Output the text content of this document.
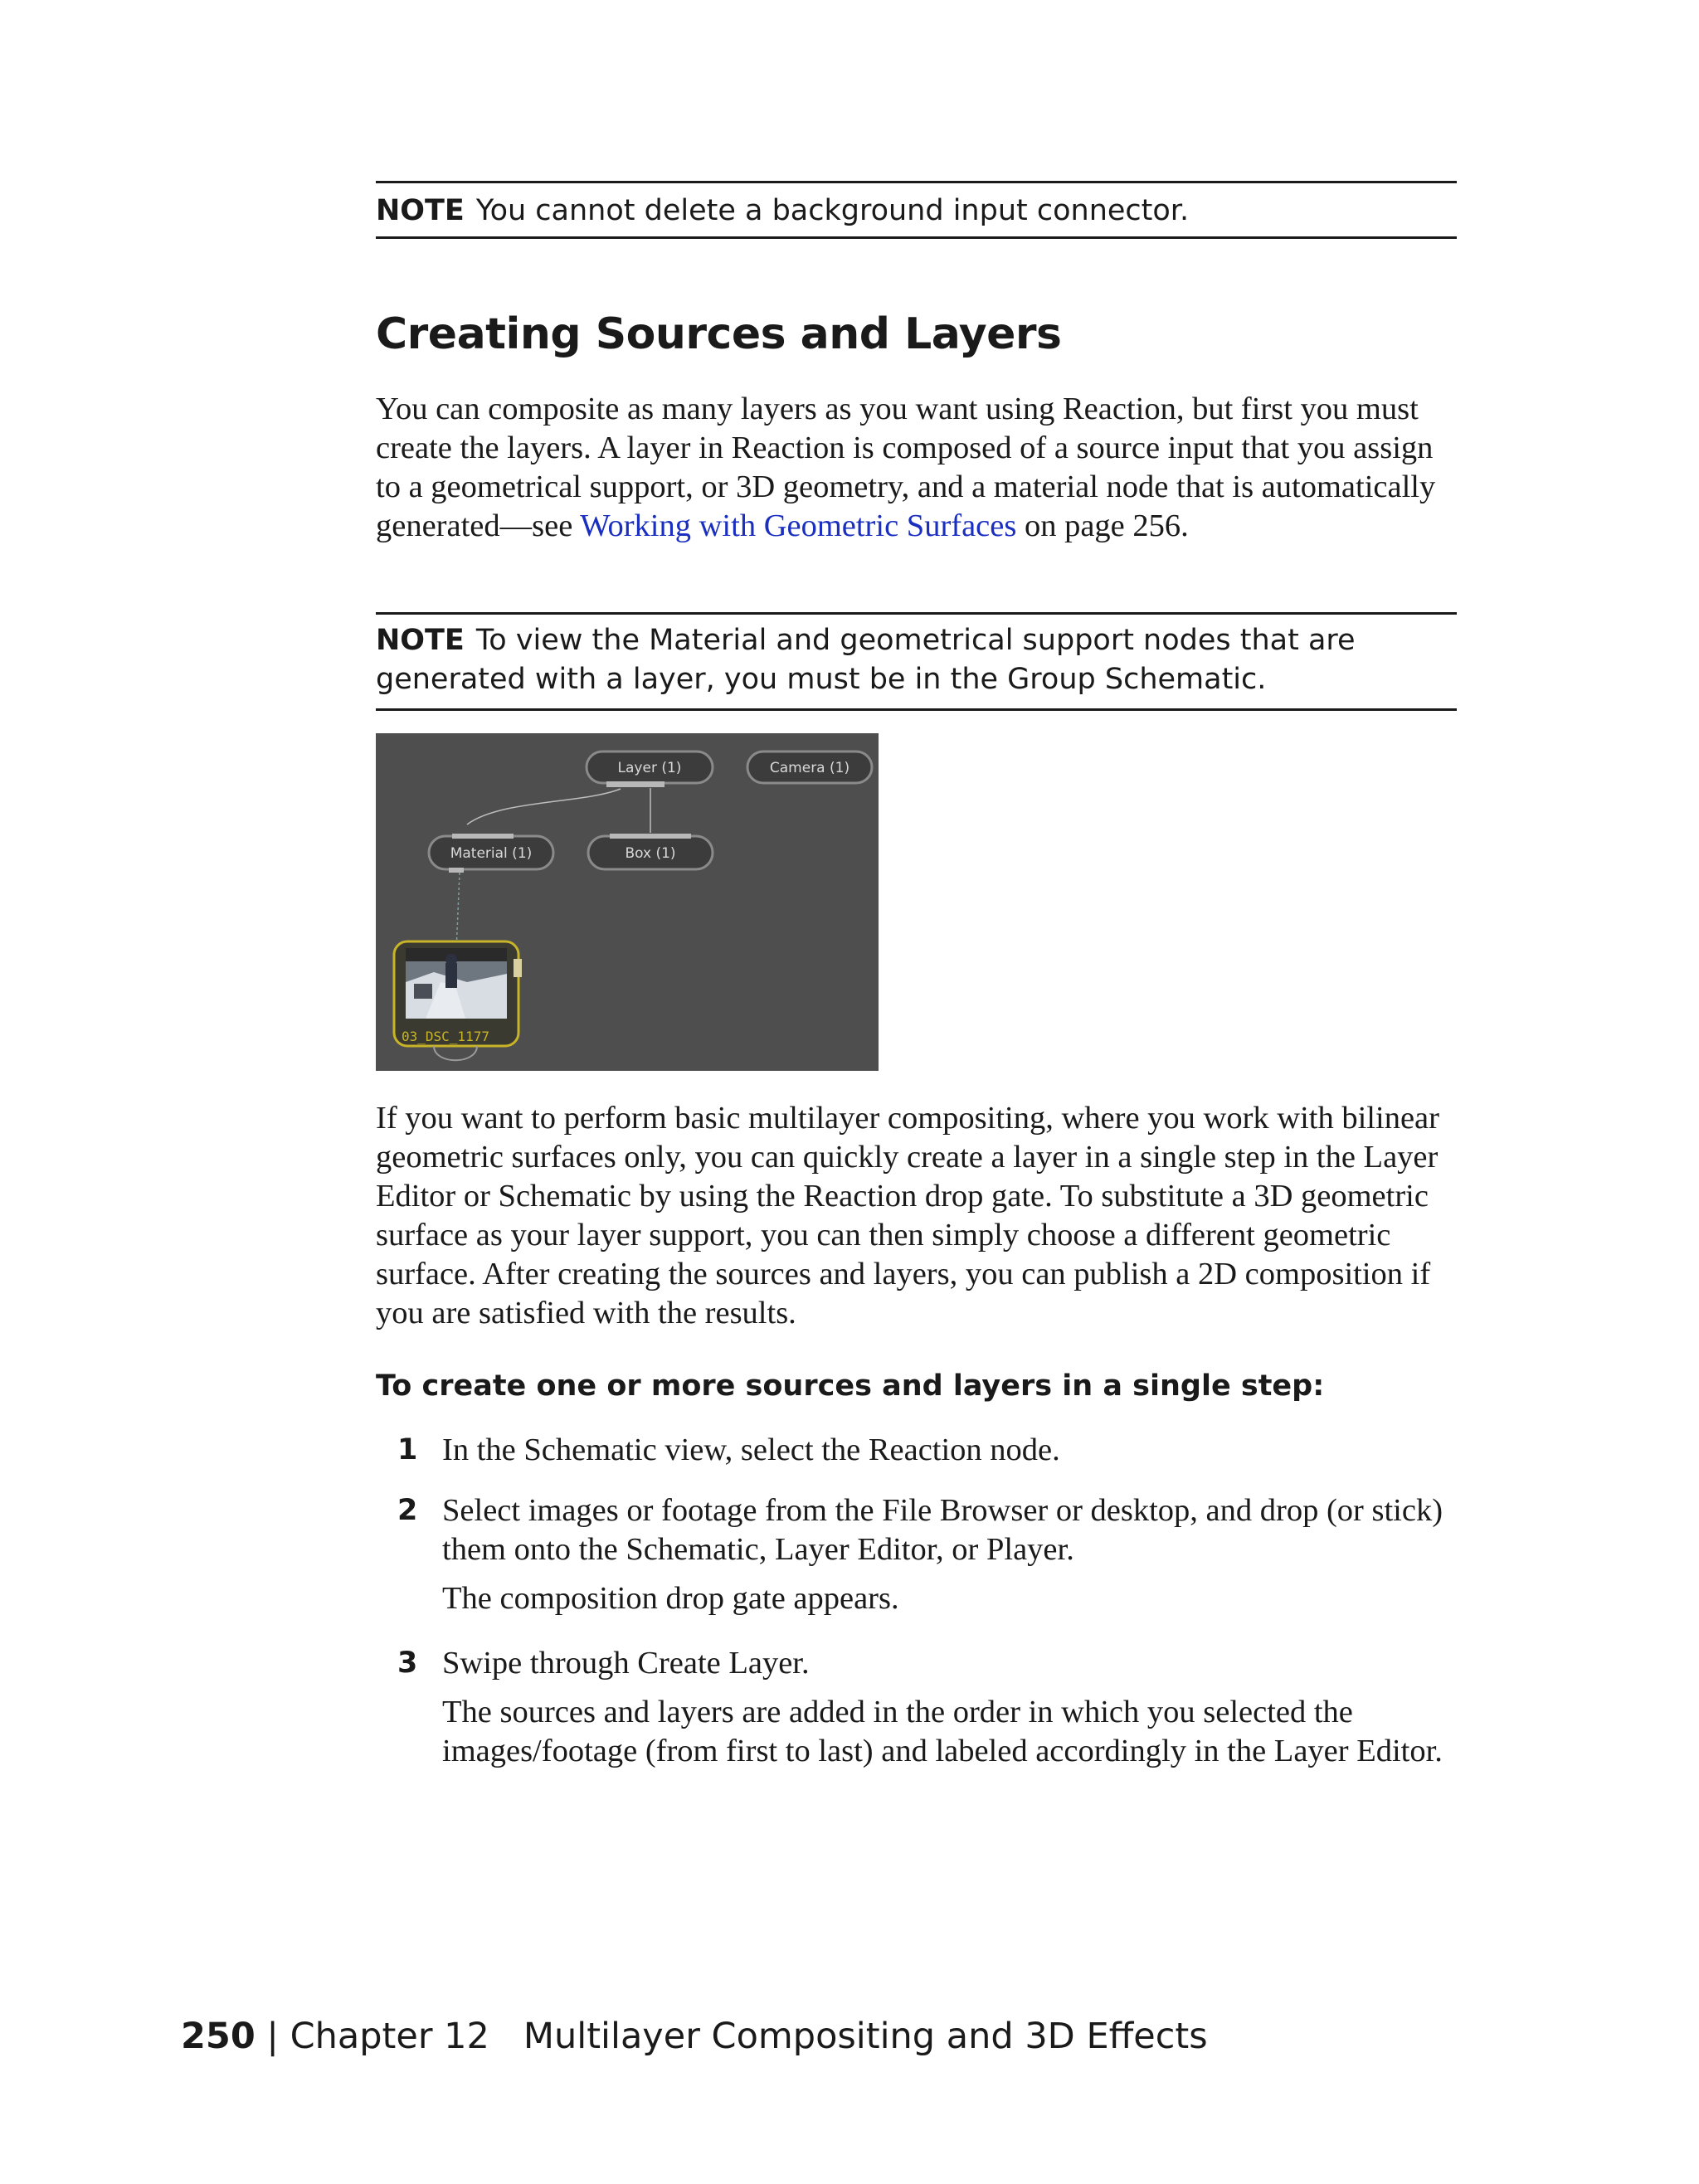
NOTE You cannot delete a background input connector.

Creating Sources and Layers

You can composite as many layers as you want using Reaction, but first you must create the layers. A layer in Reaction is composed of a source input that you assign to a geometrical support, or 3D geometry, and a material node that is automatically generated—see Working with Geometric Surfaces on page 256.

NOTE To view the Material and geometrical support nodes that are generated with a layer, you must be in the Group Schematic.

Layer (1)	Camera (1)
Material (1)	Box (1)
03_DSC_1177

If you want to perform basic multilayer compositing, where you work with bilinear geometric surfaces only, you can quickly create a layer in a single step in the Layer Editor or Schematic by using the Reaction drop gate. To substitute a 3D geometric surface as your layer support, you can then simply choose a different geometric surface. After creating the sources and layers, you can publish a 2D composition if you are satisfied with the results.

To create one or more sources and layers in a single step:
1 In the Schematic view, select the Reaction node.

2 Select images or footage from the File Browser or desktop, and drop (or stick) them onto the Schematic, Layer Editor, or Player.

The composition drop gate appears.

3 Swipe through Create Layer.

The sources and layers are added in the order in which you selected the images/footage (from first to last) and labeled accordingly in the Layer Editor.

250 | Chapter 12   Multilayer Compositing and 3D Effects
